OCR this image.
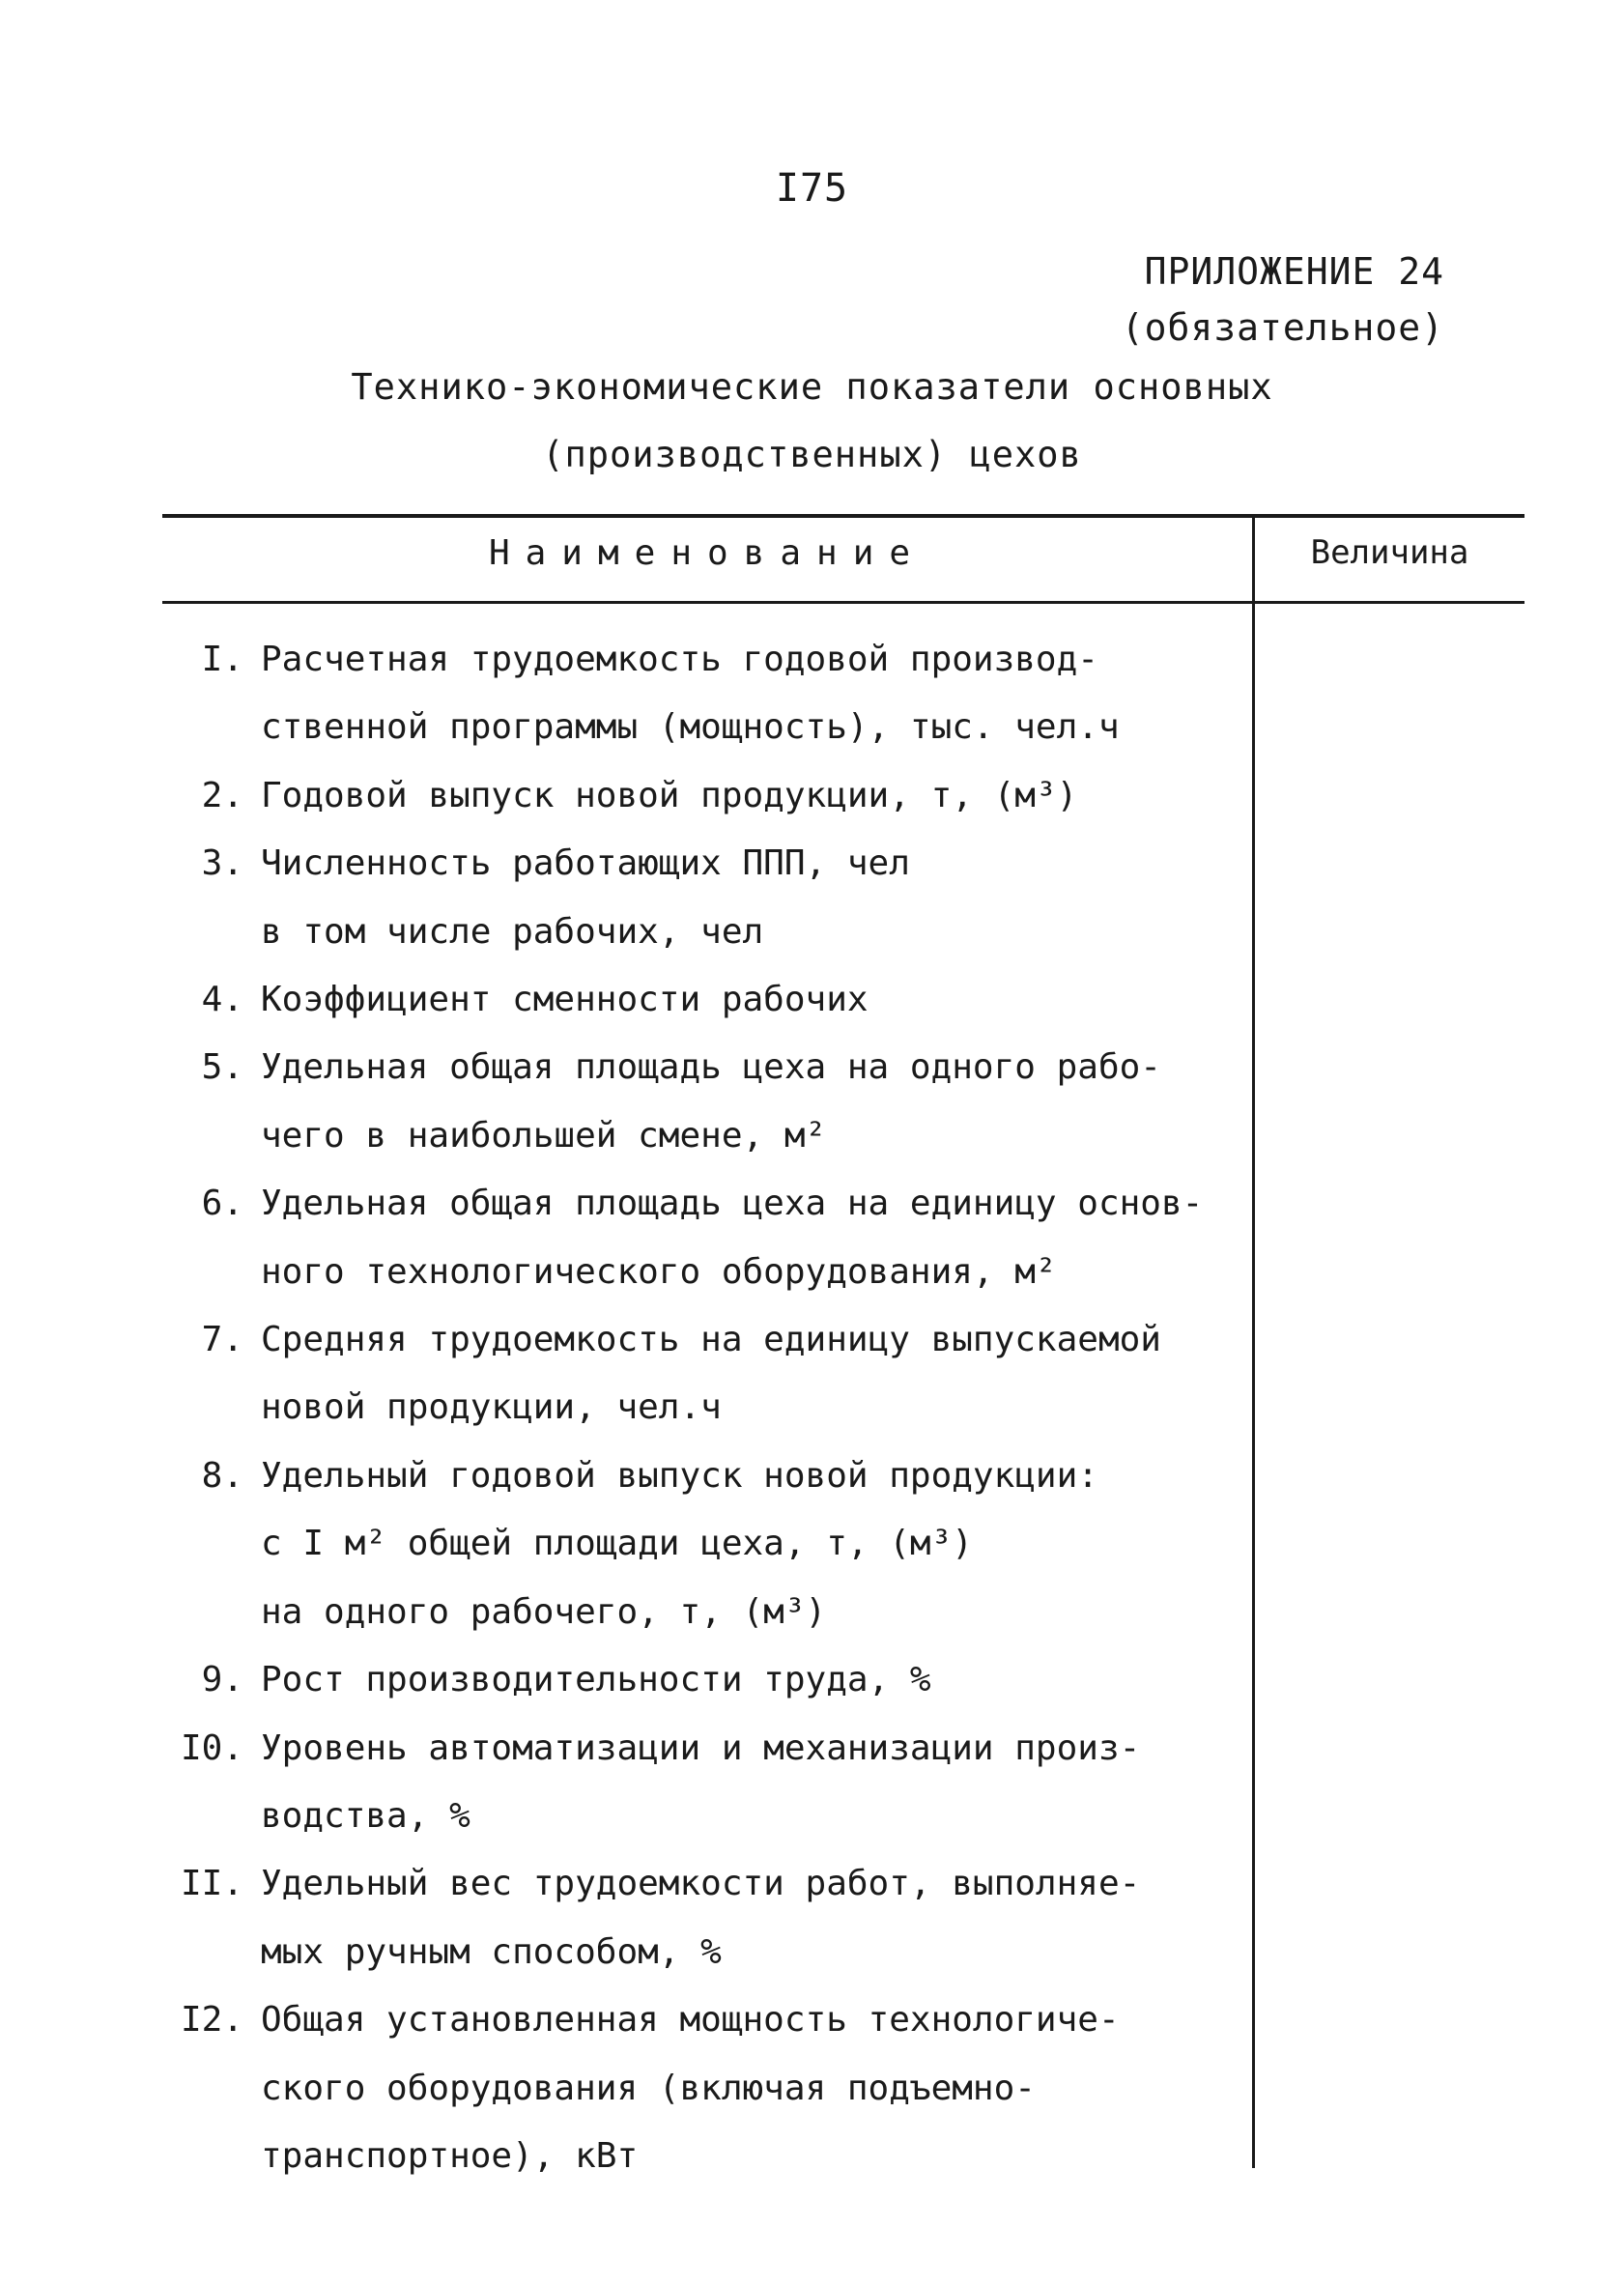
I75
ПРИЛОЖЕНИЕ 24
(обязательное)
Технико-экономические показатели основных
(производственных) цехов
Наименование	Величина
I. Расчетная трудоемкость годовой производ-
ственной программы (мощность), тыс. чел.ч
2. Годовой выпуск новой продукции, т, (м³)
3. Численность работающих ППП, чел
в том числе рабочих, чел
4. Коэффициент сменности рабочих
5. Удельная общая площадь цеха на одного рабо-
чего в наибольшей смене, м²
6. Удельная общая площадь цеха на единицу основ-
ного технологического оборудования, м²
7. Средняя трудоемкость на единицу выпускаемой
новой продукции, чел.ч
8. Удельный годовой выпуск новой продукции:
с I м² общей площади цеха, т, (м³)
на одного рабочего, т, (м³)
9. Рост производительности труда, %
I0. Уровень автоматизации и механизации произ-
водства, %
II. Удельный вес трудоемкости работ, выполняе-
мых ручным способом, %
I2. Общая установленная мощность технологиче-
ского оборудования (включая подъемно-
транспортное), кВт
